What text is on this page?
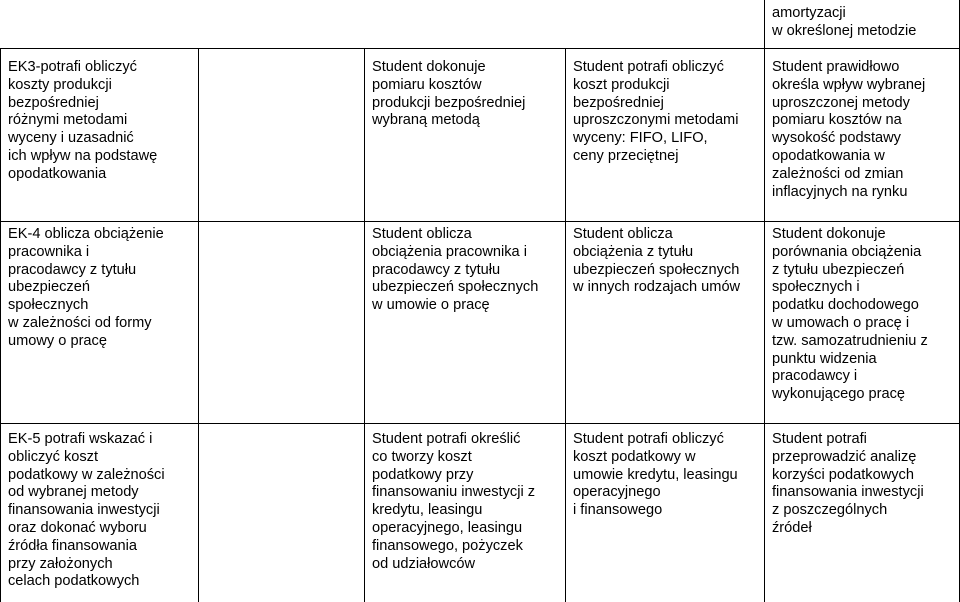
amortyzacji
w określonej metodzie
EK3-potrafi obliczyć
koszty produkcji
bezpośredniej
różnymi metodami
wyceny i uzasadnić
ich wpływ na podstawę
opodatkowania
Student dokonuje
pomiaru kosztów
produkcji bezpośredniej
wybraną metodą
Student potrafi obliczyć
koszt produkcji
bezpośredniej
uproszczonymi metodami
wyceny: FIFO, LIFO,
ceny przeciętnej
Student prawidłowo
określa wpływ wybranej
uproszczonej metody
pomiaru kosztów na
wysokość podstawy
opodatkowania w
zależności od zmian
inflacyjnych na rynku
EK-4 oblicza obciążenie
pracownika i
pracodawcy z tytułu
ubezpieczeń
społecznych
w zależności od formy
umowy o pracę
Student oblicza
obciążenia pracownika i
pracodawcy z tytułu
ubezpieczeń społecznych
w umowie o pracę
Student oblicza
obciążenia z tytułu
ubezpieczeń społecznych
w innych rodzajach umów
Student dokonuje
porównania obciążenia
z tytułu ubezpieczeń
społecznych i
podatku dochodowego
w umowach o pracę i
tzw. samozatrudnieniu z
punktu widzenia
pracodawcy i
wykonującego pracę
EK-5 potrafi wskazać i
obliczyć koszt
podatkowy w zależności
od wybranej metody
finansowania inwestycji
oraz dokonać wyboru
źródła finansowania
przy założonych
celach podatkowych
Student potrafi określić
co tworzy koszt
podatkowy przy
finansowaniu inwestycji z
kredytu, leasingu
operacyjnego, leasingu
finansowego, pożyczek
od udziałowców
Student potrafi obliczyć
koszt podatkowy w
umowie kredytu, leasingu
operacyjnego
i finansowego
Student potrafi
przeprowadzić analizę
korzyści podatkowych
finansowania inwestycji
z poszczególnych
źródeł
